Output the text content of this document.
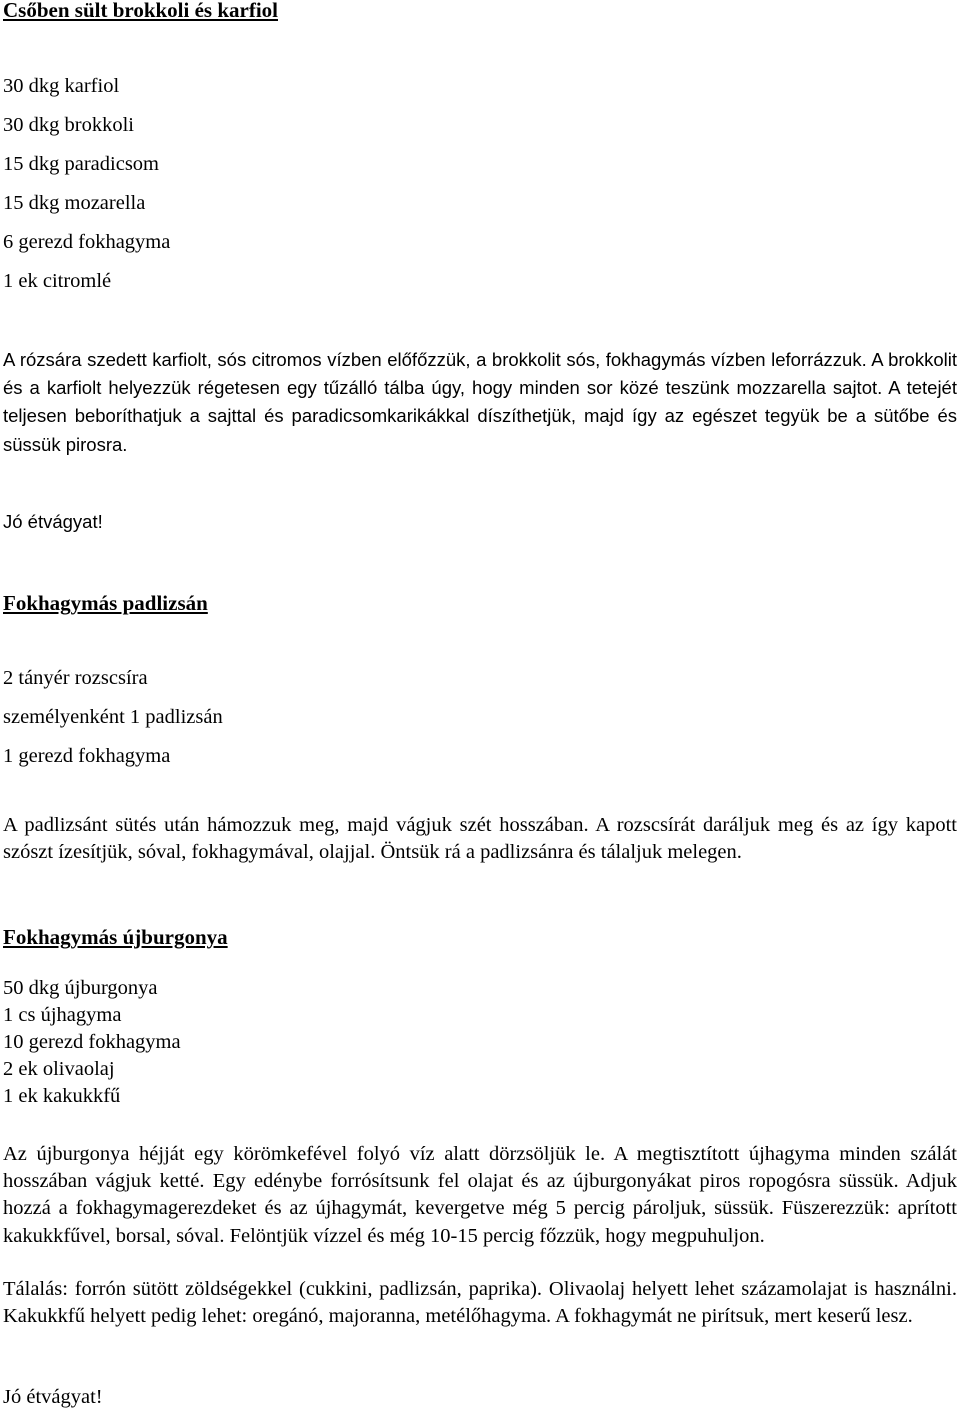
Csőben sült brokkoli és karfiol

30 dkg karfiol

30 dkg brokkoli

15 dkg paradicsom

15 dkg mozarella

6 gerezd fokhagyma

1 ek citromlé

A rózsára szedett karfiolt, sós citromos vízben előfőzzük, a brokkolit sós, fokhagymás vízben leforrázzuk. A brokkolit és a karfiolt helyezzük régetesen egy tűzálló tálba úgy, hogy minden sor közé teszünk mozzarella sajtot. A tetejét teljesen beboríthatjuk a sajttal és paradicsomkarikákkal díszíthetjük, majd így az egészet tegyük be a sütőbe és süssük pirosra.

Jó étvágyat!

Fokhagymás padlizsán

2 tányér rozscsíra

személyenként 1 padlizsán

1 gerezd fokhagyma

A padlizsánt sütés után hámozzuk meg, majd vágjuk szét hosszában. A rozscsírát daráljuk meg és az így kapott szószt ízesítjük, sóval, fokhagymával, olajjal. Öntsük rá a padlizsánra és tálaljuk melegen.

Fokhagymás újburgonya

50 dkg újburgonya

1 cs újhagyma

10 gerezd fokhagyma

2 ek olivaolaj

1 ek kakukkfű

Az újburgonya héjját egy körömkefével folyó víz alatt dörzsöljük le. A megtisztított újhagyma minden szálát hosszában vágjuk ketté. Egy edénybe forrósítsunk fel olajat és az újburgonyákat piros ropogósra süssük. Adjuk hozzá a fokhagymagerezdeket és az újhagymát, kevergetve még 5 percig pároljuk, süssük. Füszerezzük: aprított kakukkfűvel, borsal, sóval. Felöntjük vízzel és még 10-15 percig főzzük, hogy megpuhuljon.

Tálalás: forrón sütött zöldségekkel (cukkini, padlizsán, paprika). Olivaolaj helyett lehet százamolajat is használni. Kakukkfű helyett pedig lehet: oregánó, majoranna, metélőhagyma. A fokhagymát ne pirítsuk, mert keserű lesz.

Jó étvágyat!
